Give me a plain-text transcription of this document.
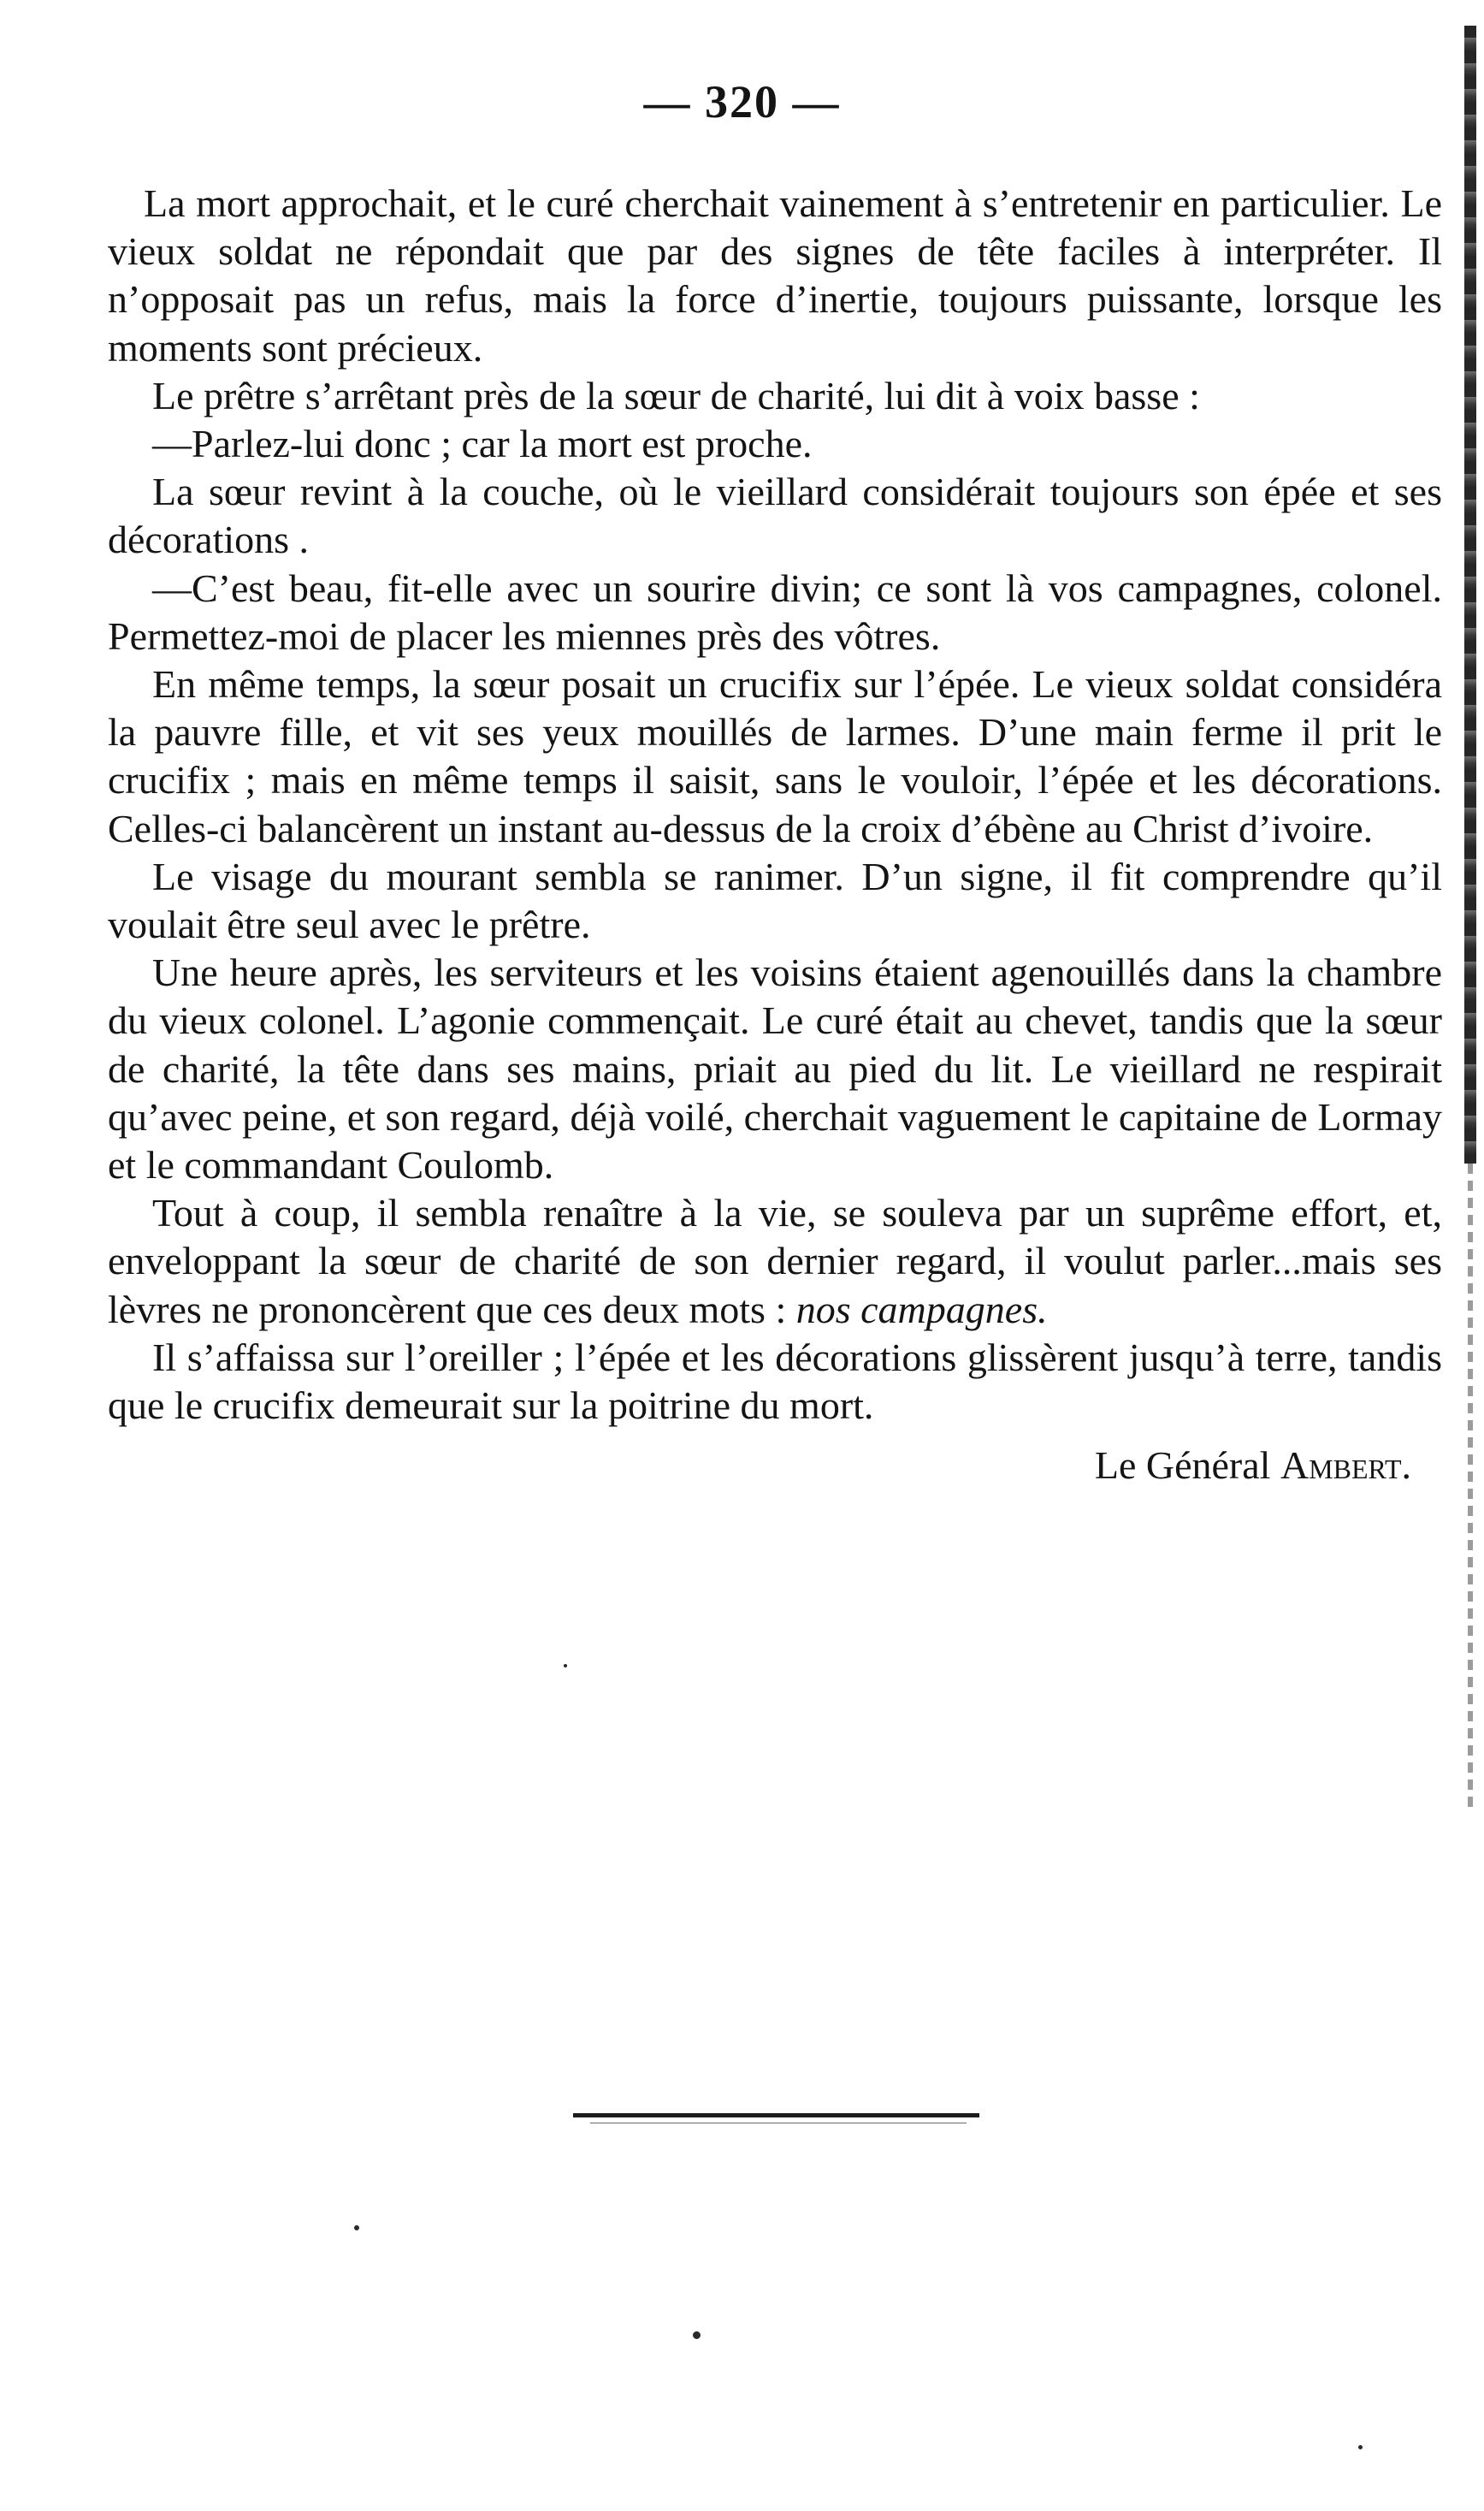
— 320 —

La mort approchait, et le curé cherchait vainement à s’entretenir en particulier. Le vieux soldat ne répondait que par des signes de tête faciles à interpréter. Il n’opposait pas un refus, mais la force d’inertie, toujours puissante, lorsque les moments sont précieux.

Le prêtre s’arrêtant près de la sœur de charité, lui dit à voix basse :

—Parlez-lui donc ; car la mort est proche.

La sœur revint à la couche, où le vieillard considérait toujours son épée et ses décorations .

—C’est beau, fit-elle avec un sourire divin; ce sont là vos campagnes, colonel. Permettez-moi de placer les miennes près des vôtres.

En même temps, la sœur posait un crucifix sur l’épée. Le vieux soldat considéra la pauvre fille, et vit ses yeux mouillés de larmes. D’une main ferme il prit le crucifix ; mais en même temps il saisit, sans le vouloir, l’épée et les décorations. Celles-ci balancèrent un instant au-dessus de la croix d’ébène au Christ d’ivoire.

Le visage du mourant sembla se ranimer. D’un signe, il fit comprendre qu’il voulait être seul avec le prêtre.

Une heure après, les serviteurs et les voisins étaient agenouillés dans la chambre du vieux colonel. L’agonie commençait. Le curé était au chevet, tandis que la sœur de charité, la tête dans ses mains, priait au pied du lit. Le vieillard ne respirait qu’avec peine, et son regard, déjà voilé, cherchait vaguement le capitaine de Lormay et le commandant Coulomb.

Tout à coup, il sembla renaître à la vie, se souleva par un suprême effort, et, enveloppant la sœur de charité de son dernier regard, il voulut parler...mais ses lèvres ne prononcèrent que ces deux mots : nos campagnes.

Il s’affaissa sur l’oreiller ; l’épée et les décorations glissèrent jusqu’à terre, tandis que le crucifix demeurait sur la poitrine du mort.

Le Général Ambert.
